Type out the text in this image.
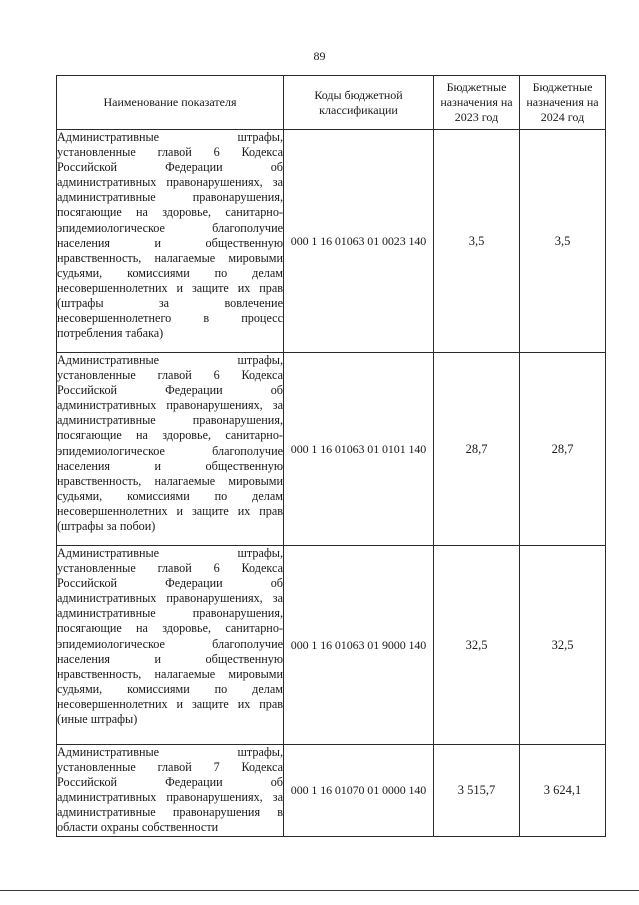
89
Наименование показателя	Коды бюджетной классификации	Бюджетные назначения на 2023 год	Бюджетные назначения на 2024 год
Административные штрафы, установленные главой 6 Кодекса Российской Федерации об административных правонарушениях, за административные правонарушения, посягающие на здоровье, санитарно-эпидемиологическое благополучие населения и общественную нравственность, налагаемые мировыми судьями, комиссиями по делам несовершеннолетних и защите их прав (штрафы за вовлечение несовершеннолетнего в процесс потребления табака)	000 1 16 01063 01 0023 140	3,5	3,5
Административные штрафы, установленные главой 6 Кодекса Российской Федерации об административных правонарушениях, за административные правонарушения, посягающие на здоровье, санитарно-эпидемиологическое благополучие населения и общественную нравственность, налагаемые мировыми судьями, комиссиями по делам несовершеннолетних и защите их прав (штрафы за побои)	000 1 16 01063 01 0101 140	28,7	28,7
Административные штрафы, установленные главой 6 Кодекса Российской Федерации об административных правонарушениях, за административные правонарушения, посягающие на здоровье, санитарно-эпидемиологическое благополучие населения и общественную нравственность, налагаемые мировыми судьями, комиссиями по делам несовершеннолетних и защите их прав (иные штрафы)	000 1 16 01063 01 9000 140	32,5	32,5
Административные штрафы, установленные главой 7 Кодекса Российской Федерации об административных правонарушениях, за административные правонарушения в области охраны собственности	000 1 16 01070 01 0000 140	3 515,7	3 624,1
